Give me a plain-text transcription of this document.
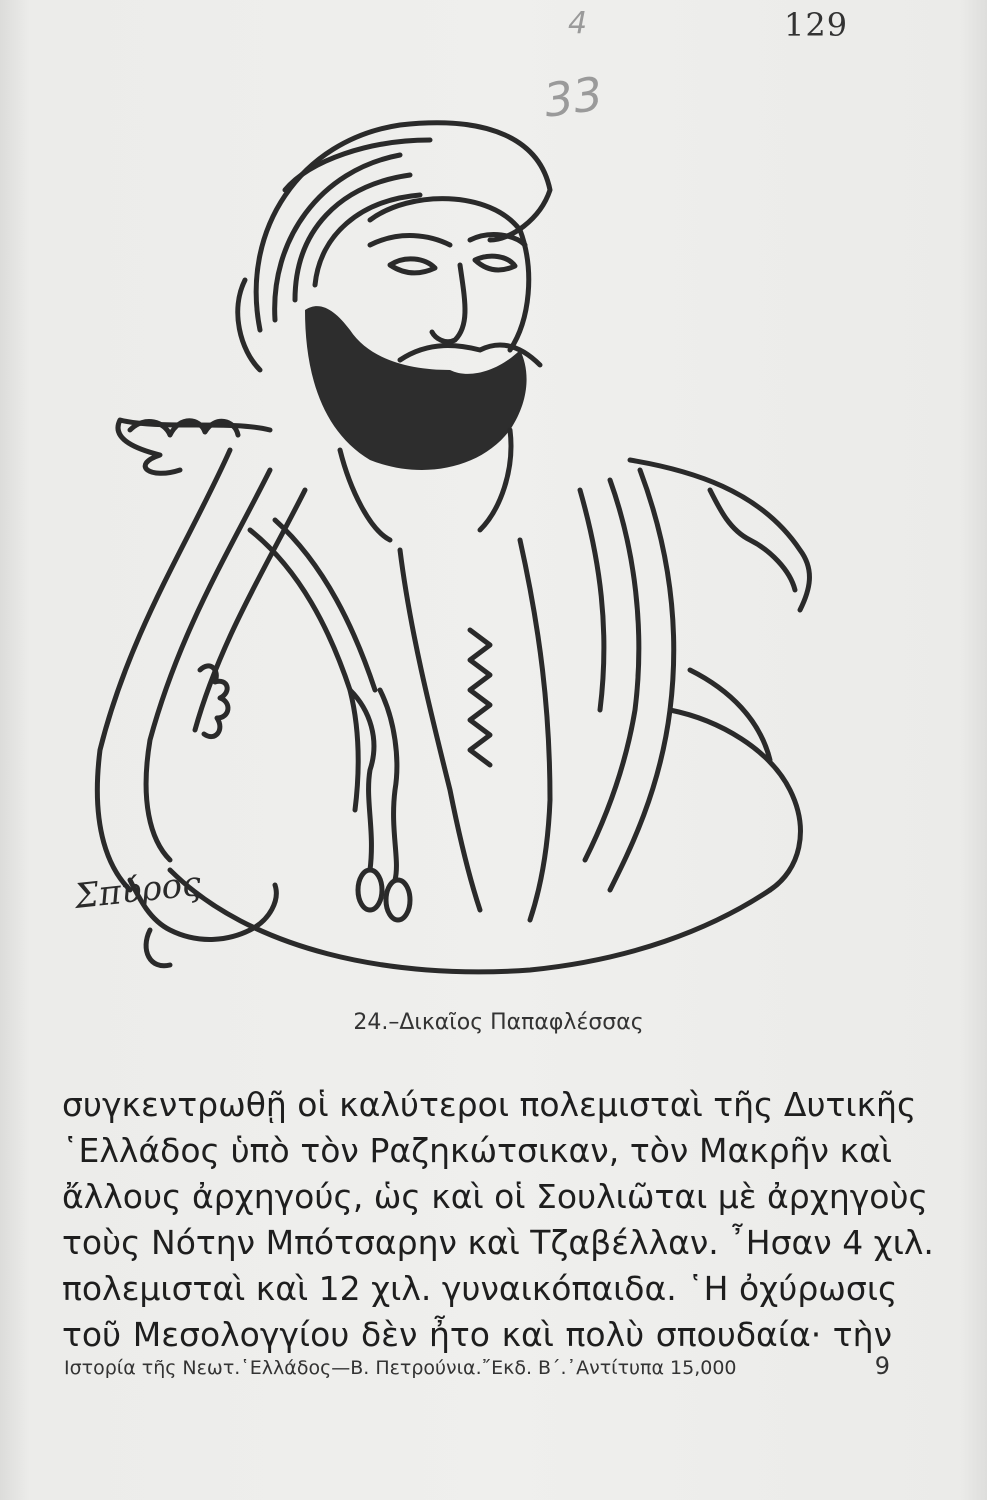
129
4
33
Σπύρος
24.–Δικαῖος Παπαφλέσσας
συγκεντρωθῇ οἱ καλύτεροι πολεμισταὶ τῆς Δυτικῆς
῾Ελλάδος ὑπὸ τὸν Ραζηκώτσικαν, τὸν Μακρῆν καὶ
ἄλλους ἀρχηγούς, ὡς καὶ οἱ Σουλιῶται μὲ ἀρχηγοὺς
τοὺς Νότην Μπότσαρην καὶ Τζαβέλλαν. ῏Ησαν 4 χιλ.
πολεμισταὶ καὶ 12 χιλ. γυναικόπαιδα. ῾Η ὀχύρωσις
τοῦ Μεσολογγίου δὲν ἦτο καὶ πολὺ σπουδαία· τὴν
Ιστορία τῆς Νεωτ.῾Ελλάδος—Β. Πετρούνια.῎Εκδ. Β΄.᾿Αντίτυπα 15,000	9
